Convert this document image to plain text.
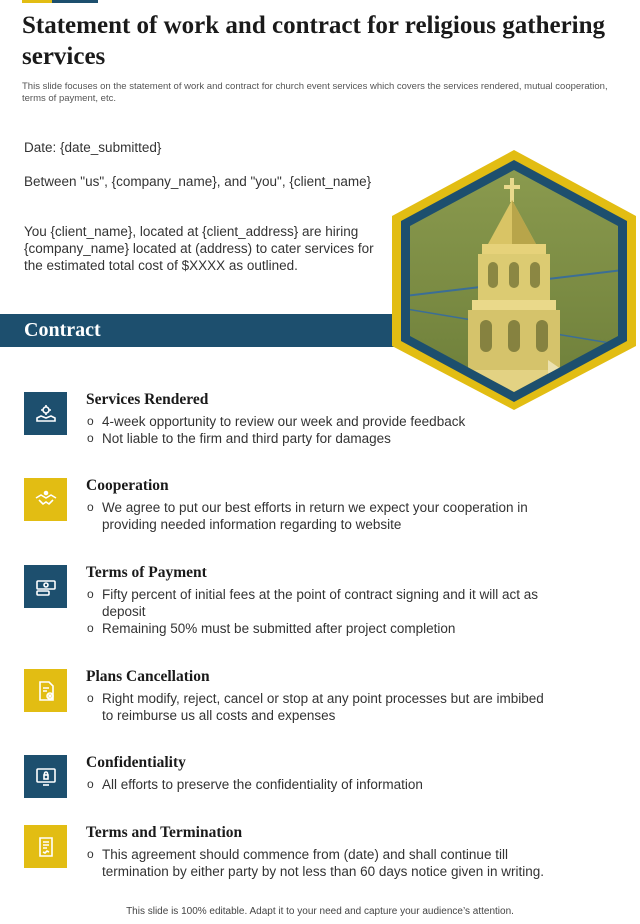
Statement of work and contract for religious gathering services

This slide focuses on the statement of work and contract for church event services which covers the services rendered, mutual cooperation, terms of payment, etc.

Date: {date_submitted}

Between "us", {company_name}, and "you", {client_name}

You {client_name}, located at {client_address} are hiring {company_name} located at (address) to cater services for the estimated total cost of $XXXX as outlined.

Contract
Services Rendered
o 4-week opportunity to review our week and provide feedback
o Not liable to the firm and third party for damages
Cooperation
o We agree to put our best efforts in return we expect your cooperation in providing needed information regarding to website
Terms of Payment
o Fifty percent of initial fees at the point of contract signing and it will act as deposit
o Remaining 50% must be submitted after project completion
Plans Cancellation
o Right modify, reject, cancel or stop at any point processes but are imbibed to reimburse us all costs and expenses
Confidentiality
o All efforts to preserve the confidentiality of information
Terms and Termination
o This agreement should commence from (date) and shall continue till termination by either party by not less than 60 days notice given in writing.
This slide is 100% editable. Adapt it to your need and capture your audience’s attention.
